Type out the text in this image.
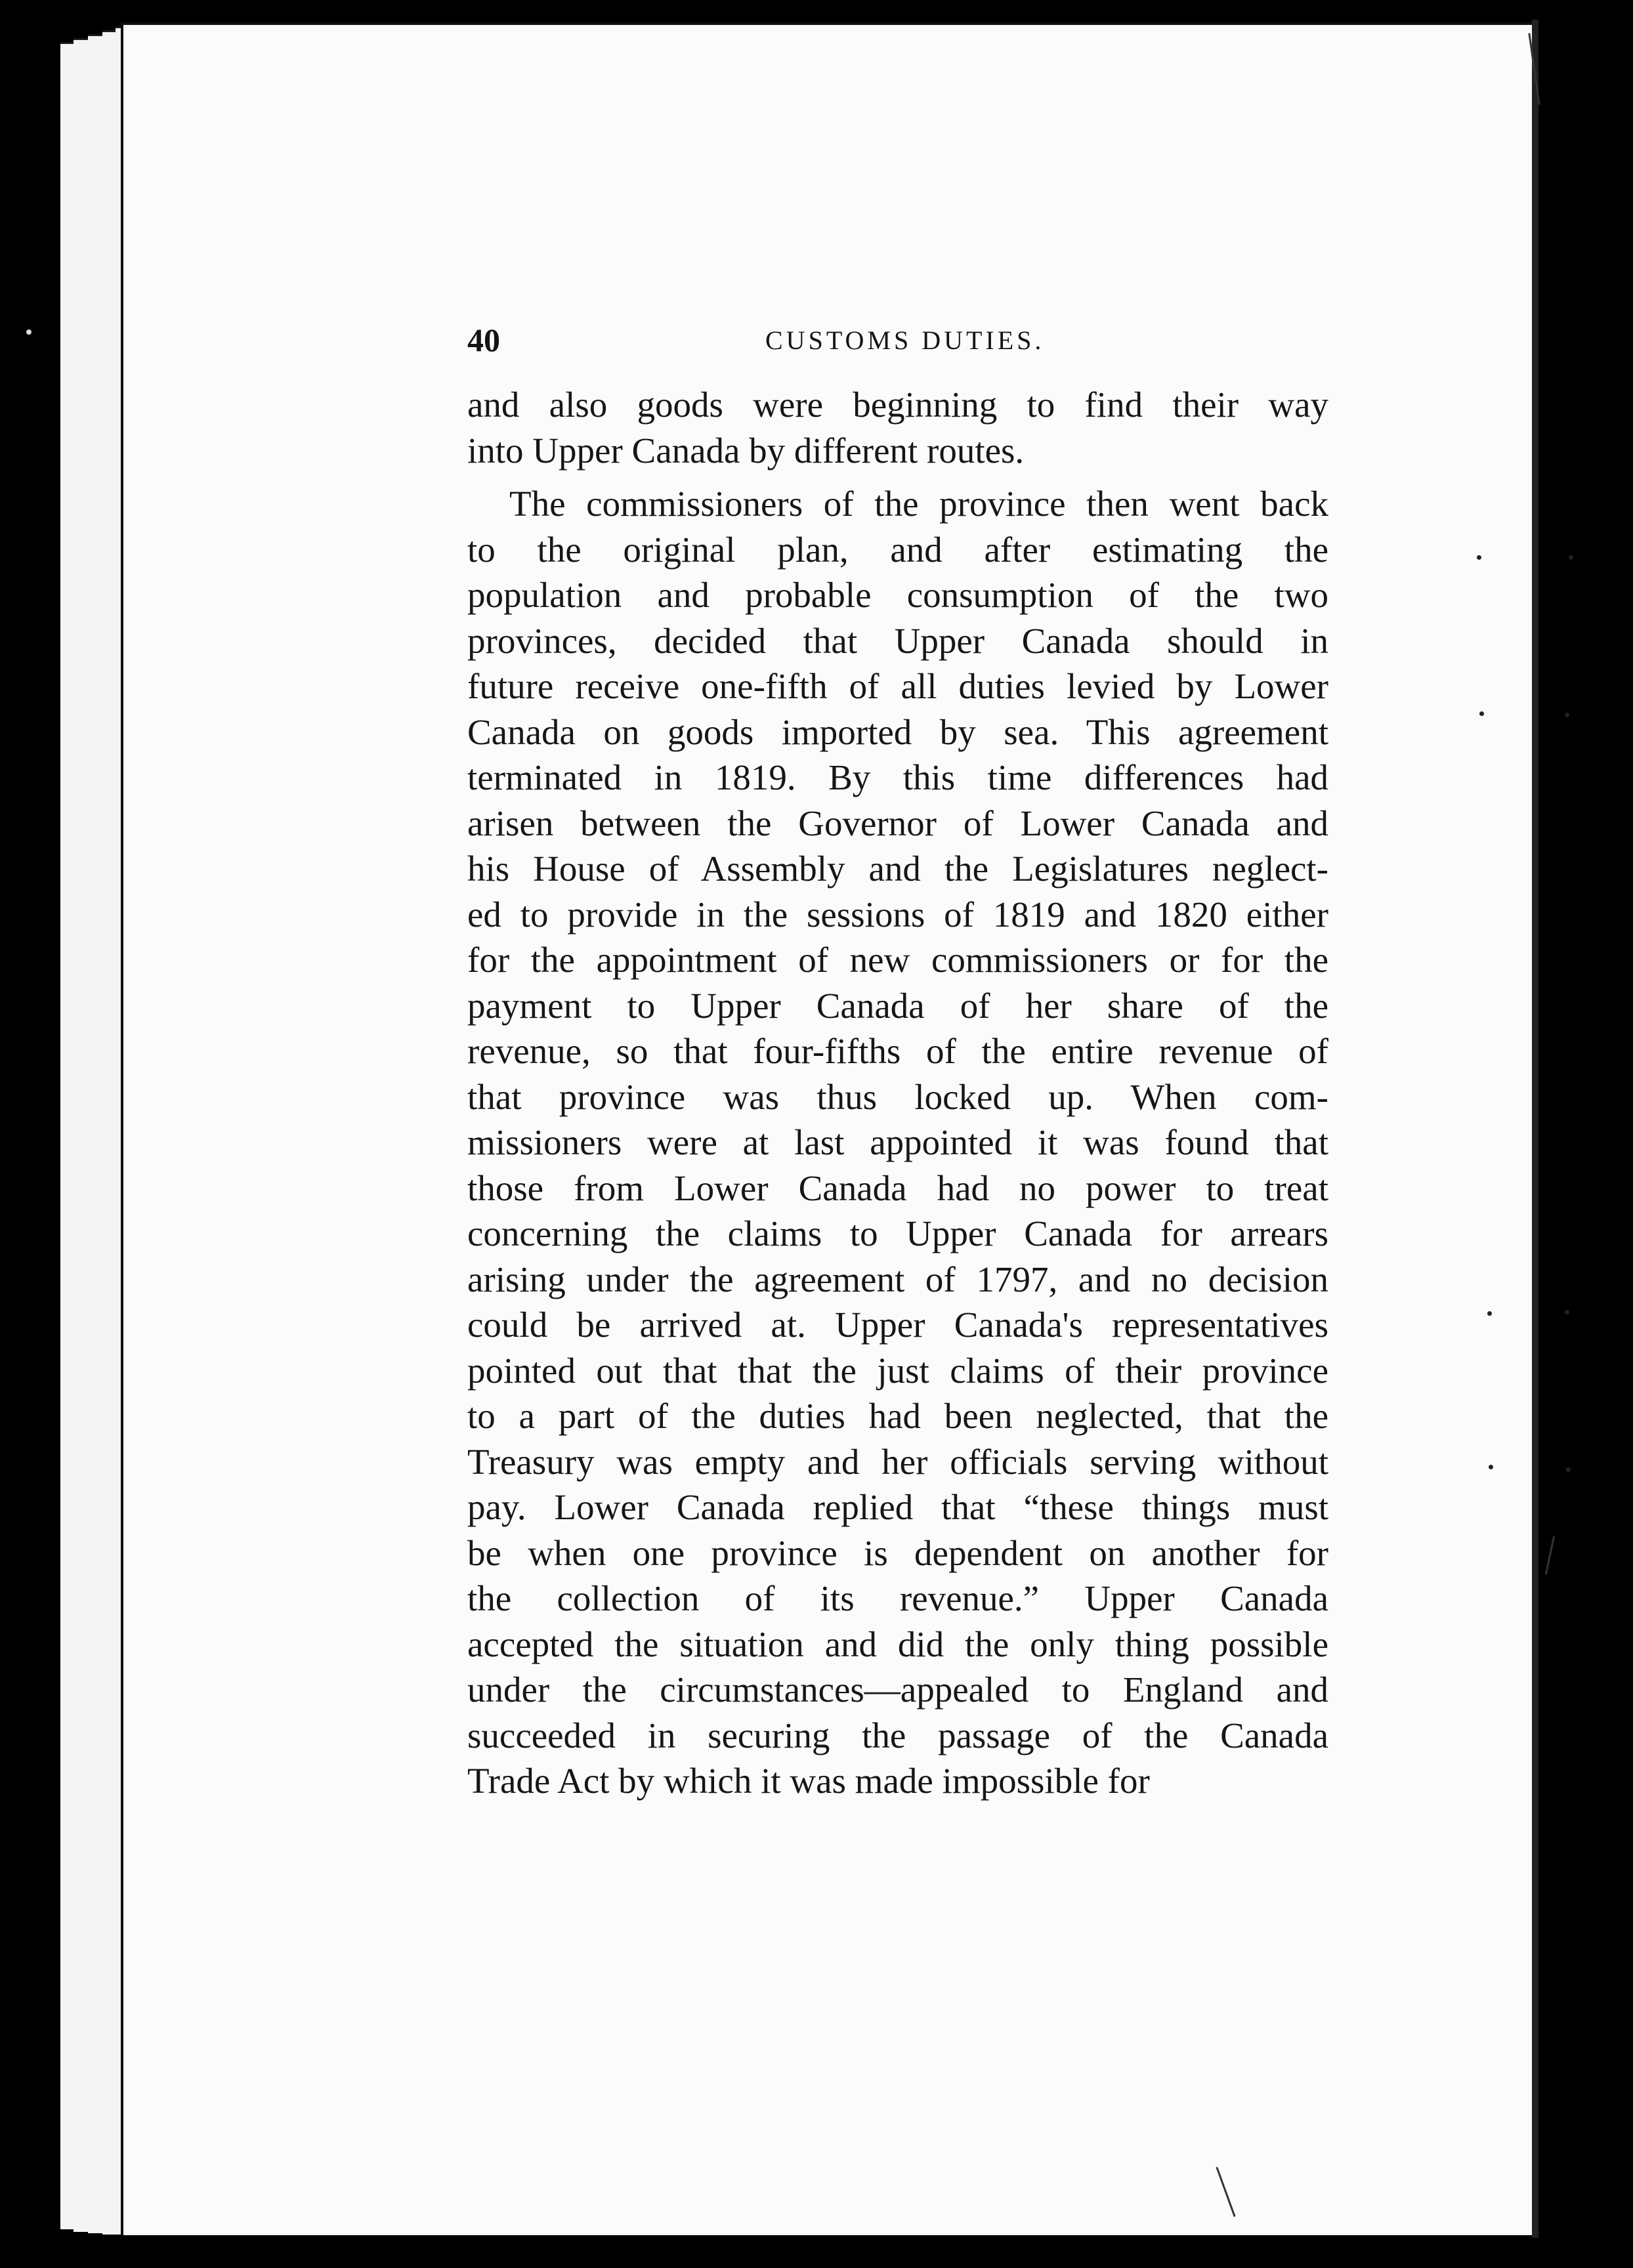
40	CUSTOMS DUTIES.

and also goods were beginning to find their way
into Upper Canada by different routes.

The commissioners of the province then went back
to the original plan, and after estimating the
population and probable consumption of the two
provinces, decided that Upper Canada should in
future receive one-fifth of all duties levied by Lower
Canada on goods imported by sea. This agreement
terminated in 1819. By this time differences had
arisen between the Governor of Lower Canada and
his House of Assembly and the Legislatures neglect-
ed to provide in the sessions of 1819 and 1820 either
for the appointment of new commissioners or for the
payment to Upper Canada of her share of the
revenue, so that four-fifths of the entire revenue of
that province was thus locked up. When com-
missioners were at last appointed it was found that
those from Lower Canada had no power to treat
concerning the claims to Upper Canada for arrears
arising under the agreement of 1797, and no decision
could be arrived at. Upper Canada's representatives
pointed out that that the just claims of their province
to a part of the duties had been neglected, that the
Treasury was empty and her officials serving without
pay. Lower Canada replied that “these things must
be when one province is dependent on another for
the collection of its revenue.” Upper Canada
accepted the situation and did the only thing possible
under the circumstances—appealed to England and
succeeded in securing the passage of the Canada
Trade Act by which it was made impossible for
